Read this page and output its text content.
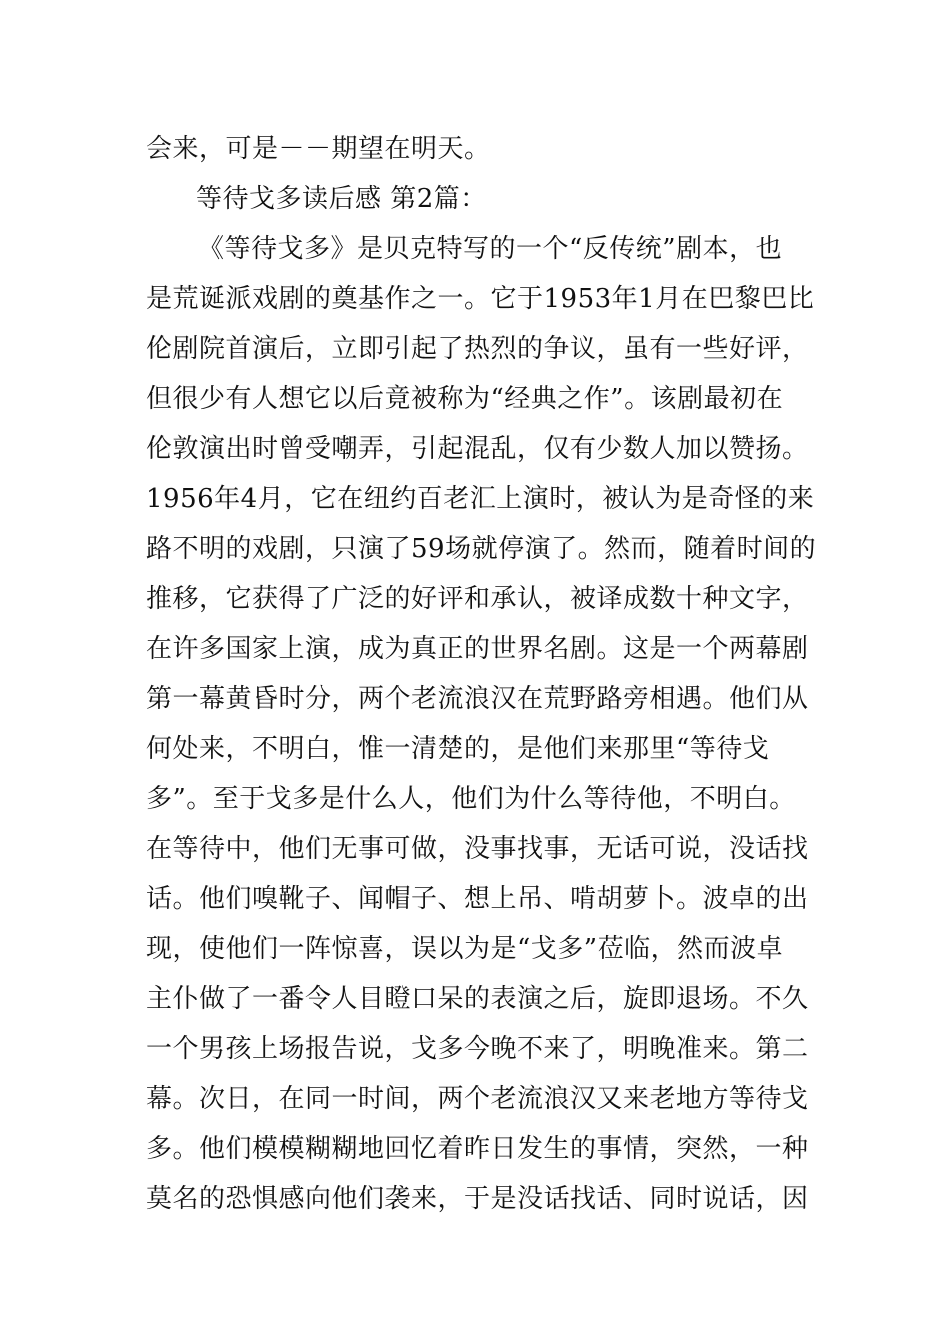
会来，可是－－期望在明天。
等待戈多读后感 第2篇：
《等待戈多》是贝克特写的一个“反传统”剧本，也
是荒诞派戏剧的奠基作之一。它于1953年1月在巴黎巴比
伦剧院首演后，立即引起了热烈的争议，虽有一些好评，
但很少有人想它以后竟被称为“经典之作”。该剧最初在
伦敦演出时曾受嘲弄，引起混乱，仅有少数人加以赞扬。
1956年4月，它在纽约百老汇上演时，被认为是奇怪的来
路不明的戏剧，只演了59场就停演了。然而，随着时间的
推移，它获得了广泛的好评和承认，被译成数十种文字，
在许多国家上演，成为真正的世界名剧。这是一个两幕剧
第一幕黄昏时分，两个老流浪汉在荒野路旁相遇。他们从
何处来，不明白，惟一清楚的，是他们来那里“等待戈
多”。至于戈多是什么人，他们为什么等待他，不明白。
在等待中，他们无事可做，没事找事，无话可说，没话找
话。他们嗅靴子、闻帽子、想上吊、啃胡萝卜。波卓的出
现，使他们一阵惊喜，误以为是“戈多”莅临，然而波卓
主仆做了一番令人目瞪口呆的表演之后，旋即退场。不久
一个男孩上场报告说，戈多今晚不来了，明晚准来。第二
幕。次日，在同一时间，两个老流浪汉又来老地方等待戈
多。他们模模糊糊地回忆着昨日发生的事情，突然，一种
莫名的恐惧感向他们袭来，于是没话找话、同时说话，因
